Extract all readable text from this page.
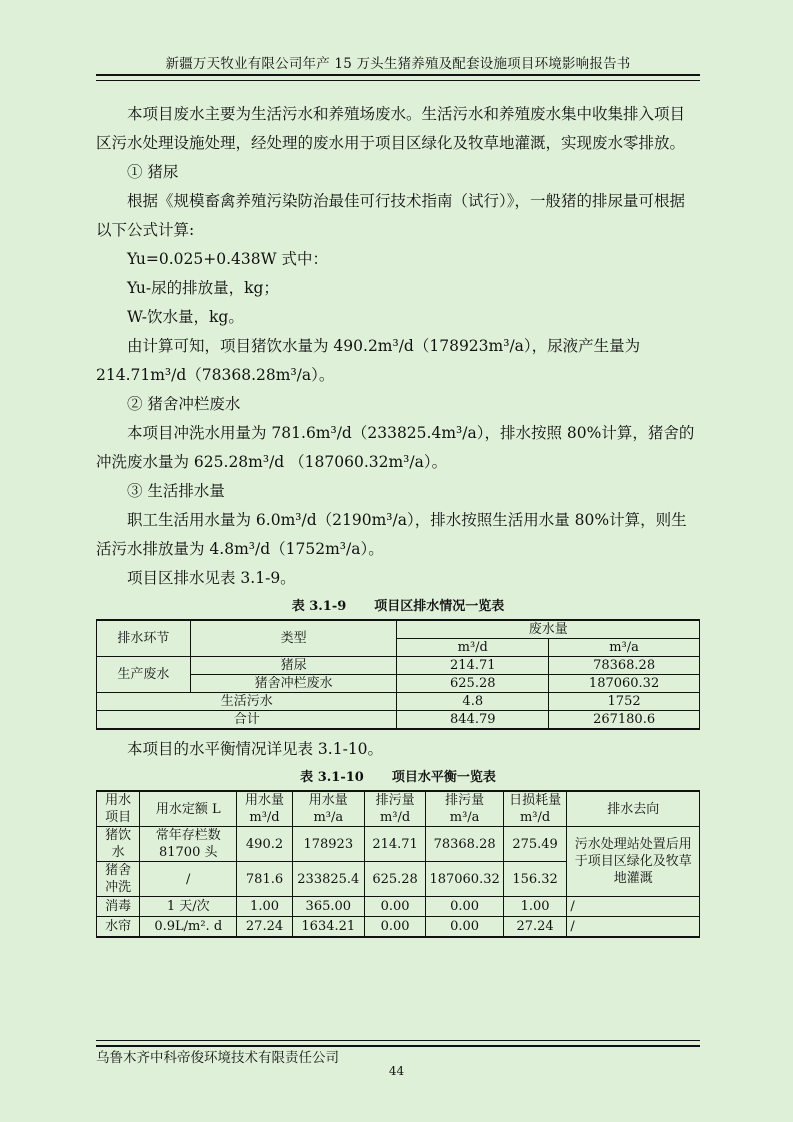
新疆万天牧业有限公司年产 15 万头生猪养殖及配套设施项目环境影响报告书

本项目废水主要为生活污水和养殖场废水。生活污水和养殖废水集中收集排入项目区污水处理设施处理，经处理的废水用于项目区绿化及牧草地灌溉，实现废水零排放。

① 猪尿

根据《规模畜禽养殖污染防治最佳可行技术指南（试行）》，一般猪的排尿量可根据以下公式计算:

Yu=0.025+0.438W 式中：

Yu-尿的排放量，kg；

W-饮水量，kg。

由计算可知，项目猪饮水量为 490.2m³/d（178923m³/a），尿液产生量为 214.71m³/d（78368.28m³/a）。

② 猪舍冲栏废水

本项目冲洗水用量为 781.6m³/d（233825.4m³/a），排水按照 80%计算，猪舍的冲洗废水量为 625.28m³/d （187060.32m³/a）。

③ 生活排水量

职工生活用水量为 6.0m³/d（2190m³/a），排水按照生活用水量 80%计算，则生活污水排放量为 4.8m³/d（1752m³/a）。

项目区排水见表 3.1-9。

表 3.1-9 项目区排水情况一览表
排水环节	类型	废水量	
		m³/d	m³/a
生产废水	猪尿	214.71	78368.28
	猪舍冲栏废水	625.28	187060.32
生活污水		4.8	1752
合计		844.79	267180.6

本项目的水平衡情况详见表 3.1-10。

表 3.1-10 项目水平衡一览表
用水项目	用水定额 L	用水量 m³/d	用水量 m³/a	排污量 m³/d	排污量 m³/a	日损耗量 m³/d	排水去向
猪饮水	常年存栏数 81700 头	490.2	178923	214.71	78368.28	275.49	污水处理站处置后用于项目区绿化及牧草地灌溉
猪舍冲洗	/	781.6	233825.4	625.28	187060.32	156.32	
消毒	1 天/次	1.00	365.00	0.00	0.00	1.00	/
水帘	0.9L/m². d	27.24	1634.21	0.00	0.00	27.24	/
乌鲁木齐中科帝俊环境技术有限责任公司
44
